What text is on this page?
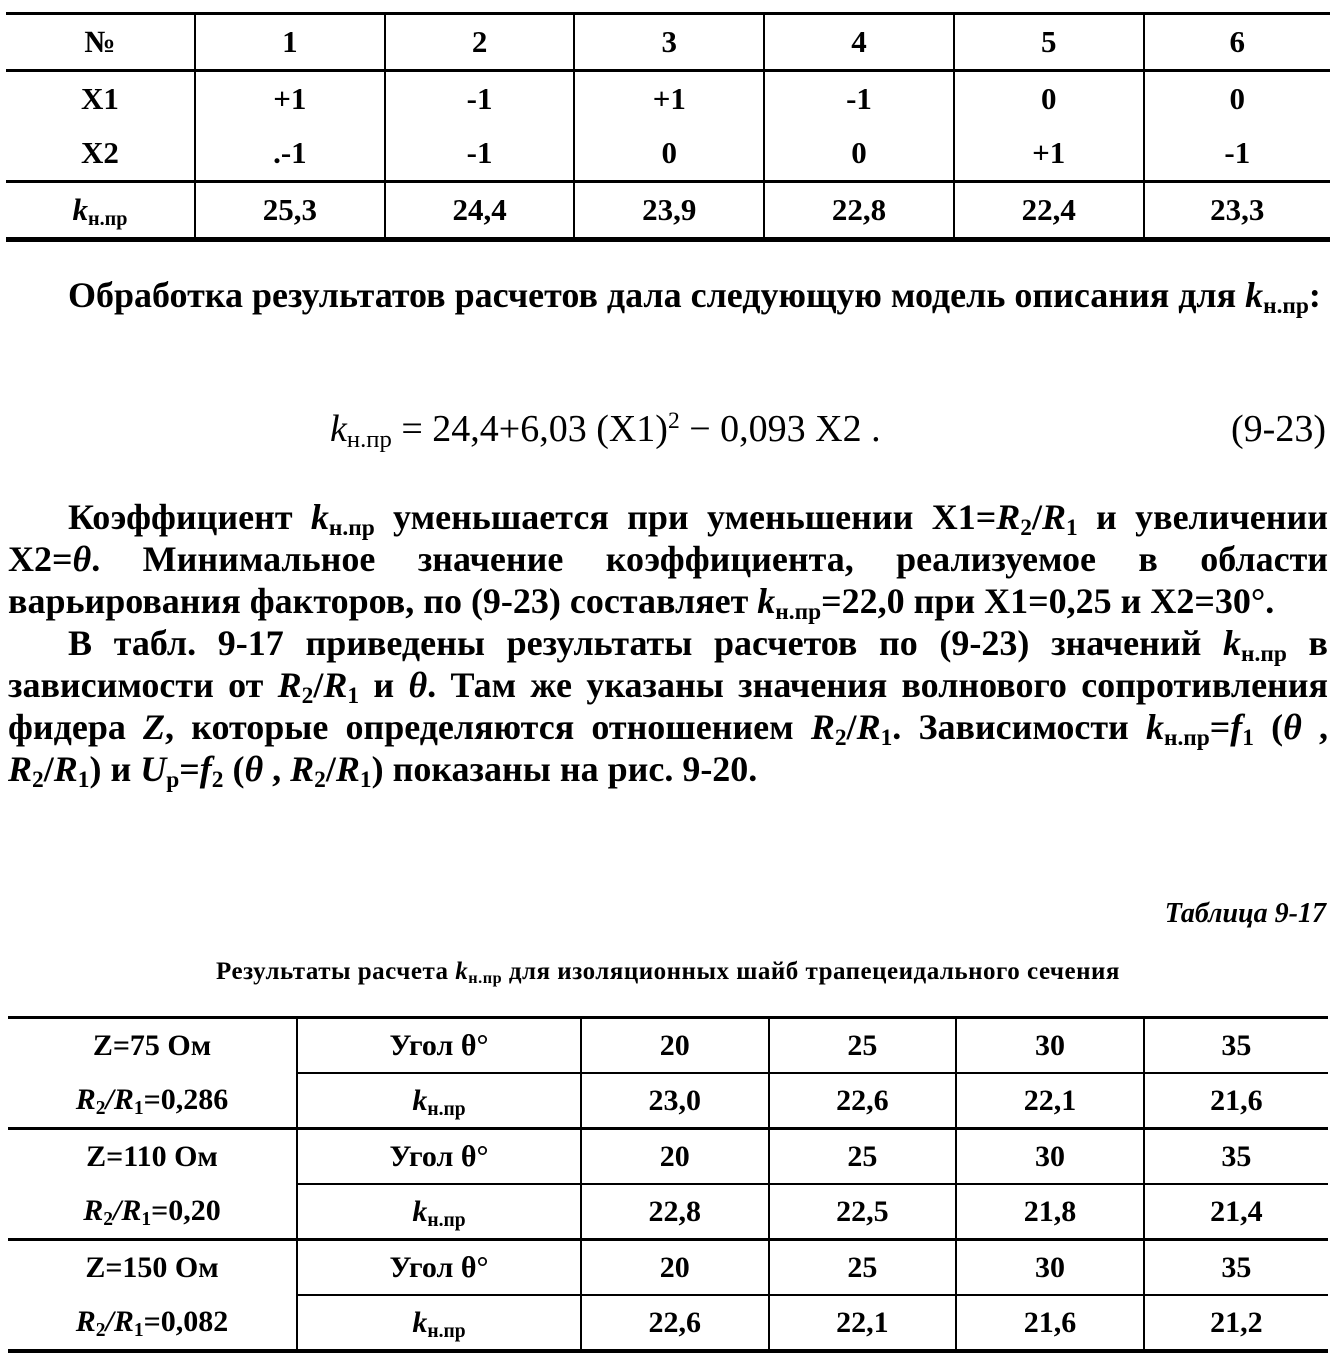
№	1	2	3	4	5	6
X1	+1	-1	+1	-1	0	0
X2	.-1	-1	0	0	+1	-1
$k_{н.пр}$	25,3	24,4	23,9	22,8	22,4	23,3

Обработка результатов расчетов дала следующую модель описания для $k_{н.пр}$:

$k_{н.пр} = 24,4+6,03$ $(X1)^2 - 0,093$ X2 .	(9-23)

Коэффициент $k_{н.пр}$ уменьшается при уменьшении $X1=R_2/R_1$ и увеличении X2=θ. Минимальное значение коэффициента, реализуемое в области варьирования факторов, по (9-23) составляет $k_{н.пр}=22,0$ при X1=0,25 и X2=30°.

В табл. 9-17 приведены результаты расчетов по (9-23) значений $k_{н.пр}$ в зависимости от $R_2/R_1$ и θ. Там же указаны значения волнового сопротивления фидера Z, которые определяются отношением $R_2/R_1$. Зависимости $k_{н.пр}=f_1$ (θ , $R_2/R_1$) и $U_р=f_2$ (θ , $R_2/R_1$) показаны на рис. 9-20.

Таблица 9-17
Результаты расчета $k_{н.пр}$ для изоляционных шайб трапецеидального сечения
Z=75 Ом	Угол θ°	20	25	30	35
$R_2/R_1=0,286$	$k_{н.пр}$	23,0	22,6	22,1	21,6
Z=110 Ом	Угол θ°	20	25	30	35
$R_2/R_1=0,20$	$k_{н.пр}$	22,8	22,5	21,8	21,4
Z=150 Ом	Угол θ°	20	25	30	35
$R_2/R_1=0,082$	$k_{н.пр}$	22,6	22,1	21,6	21,2
